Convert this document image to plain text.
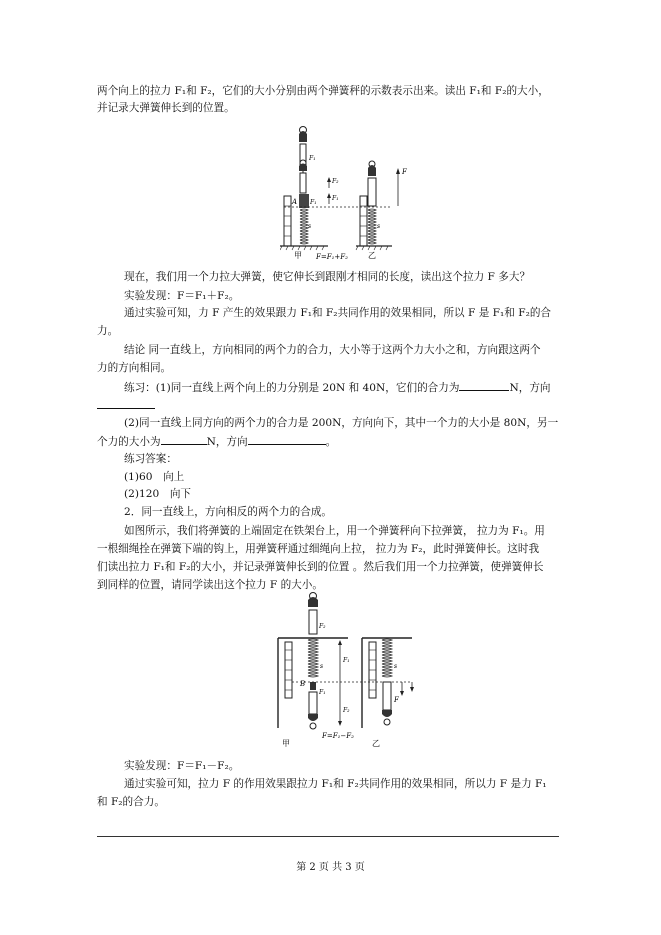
两个向上的拉力 F₁和 F₂，它们的大小分别由两个弹簧秤的示数表示出来。读出 F₁和 F₂的大小，
并记录大弹簧伸长到的位置。
F₁
A F₁
F₂
F₁
s
F
s
甲 F=F₁+F₂	乙
现在，我们用一个力拉大弹簧，使它伸长到跟刚才相同的长度，读出这个拉力 F 多大？
实验发现：F＝F₁＋F₂。
通过实验可知，力 F 产生的效果跟力 F₁和 F₂共同作用的效果相同，所以 F 是 F₁和 F₂的合
力。
结论 同一直线上，方向相同的两个力的合力，大小等于这两个力大小之和，方向跟这两个
力的方向相同。
练习：(1)同一直线上两个向上的力分别是 20N 和 40N，它们的合力为	N，方向
(2)同一直线上同方向的两个力的合力是 200N，方向向下，其中一个力的大小是 80N，另一
个力的大小为	N，方向	。
练习答案：
(1)60　向上
(2)120　向下
2．同一直线上，方向相反的两个力的合成。
如图所示，我们将弹簧的上端固定在铁架台上，用一个弹簧秤向下拉弹簧， 拉力为 F₁。用
一根细绳拴在弹簧下端的钩上，用弹簧秤通过细绳向上拉， 拉力为 F₂，此时弹簧伸长。这时我
们读出拉力 F₁和 F₂的大小，并记录弹簧伸长到的位置 。然后我们用一个力拉弹簧，使弹簧伸长
到同样的位置，请同学读出这个拉力 F 的大小。
F₂
F₁
B
s
F₁
F₂
s
F
甲
F=F₁−F₂
乙
实验发现：F＝F₁－F₂。
通过实验可知，拉力 F 的作用效果跟拉力 F₁和 F₂共同作用的效果相同，所以力 F 是力 F₁
和 F₂的合力。
第 2 页 共 3 页
